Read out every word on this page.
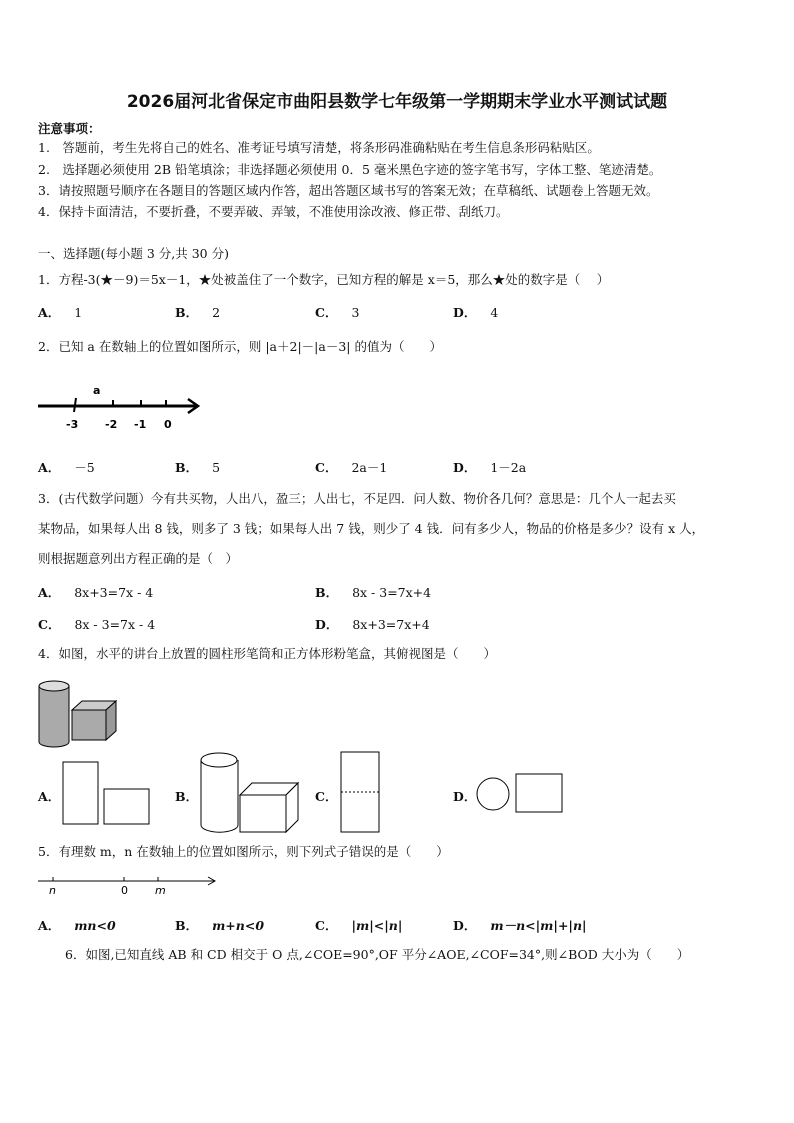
2026届河北省保定市曲阳县数学七年级第一学期期末学业水平测试试题
注意事项：
1.　答题前，考生先将自己的姓名、准考证号填写清楚，将条形码准确粘贴在考生信息条形码粘贴区。
2.　选择题必须使用 2B 铅笔填涂；非选择题必须使用 0．5 毫米黑色字迹的签字笔书写，字体工整、笔迹清楚。
3．请按照题号顺序在各题目的答题区域内作答，超出答题区域书写的答案无效；在草稿纸、试题卷上答题无效。
4．保持卡面清洁，不要折叠，不要弄破、弄皱，不准使用涂改液、修正带、刮纸刀。
一、选择题(每小题 3 分,共 30 分)
1．方程-3(★－9)＝5x－1，★处被盖住了一个数字，已知方程的解是 x＝5，那么★处的数字是（　 ）
A． 1	B． 2	C． 3	D． 4
2．已知 a 在数轴上的位置如图所示，则 |a＋2|－|a－3| 的值为（　　）
a
-3 -2 -1 0
A． －5	B． 5	C． 2a－1	D． 1－2a
3．(古代数学问题）今有共买物，人出八，盈三；人出七，不足四．问人数、物价各几何？意思是：几个人一起去买
某物品，如果每人出 8 钱，则多了 3 钱；如果每人出 7 钱，则少了 4 钱．问有多少人，物品的价格是多少？设有 x 人，
则根据题意列出方程正确的是（　）
A． 8x+3=7x - 4	B． 8x - 3=7x+4
C． 8x - 3=7x - 4	D． 8x+3=7x+4
4．如图，水平的讲台上放置的圆柱形笔筒和正方体形粉笔盒，其俯视图是（　　）
A．	B．	C．	D．
5．有理数 m，n 在数轴上的位置如图所示，则下列式子错误的是（　　）
n	0 m
A． mn<0	B． m+n<0	C． |m|<|n|	D． m－n<|m|+|n|
6．如图,已知直线 AB 和 CD 相交于 O 点,∠COE=90°,OF 平分∠AOE,∠COF=34°,则∠BOD 大小为（　　）
